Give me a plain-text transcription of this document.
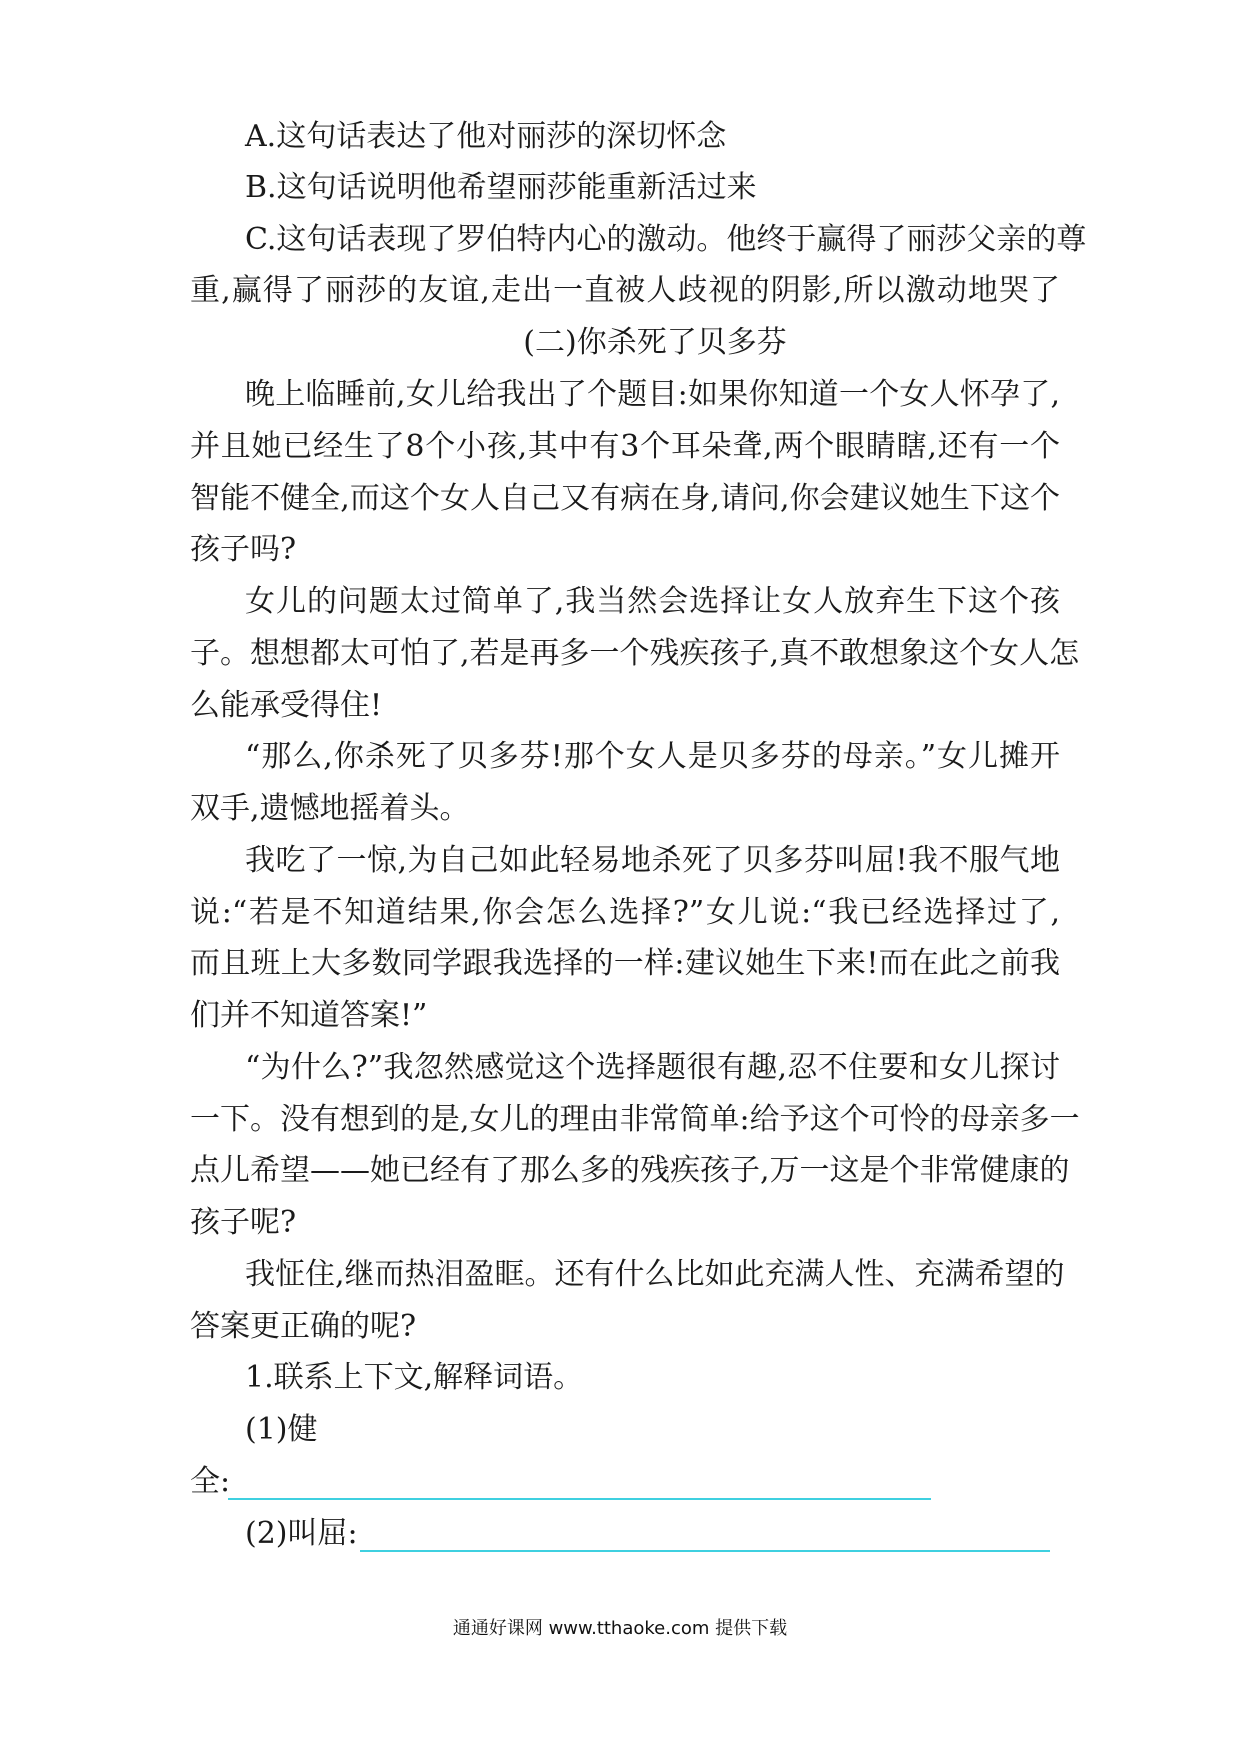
A.这句话表达了他对丽莎的深切怀念
B.这句话说明他希望丽莎能重新活过来
C.这句话表现了罗伯特内心的激动。他终于赢得了丽莎父亲的尊
重,赢得了丽莎的友谊,走出一直被人歧视的阴影,所以激动地哭了
(二)你杀死了贝多芬
晚上临睡前,女儿给我出了个题目:如果你知道一个女人怀孕了,
并且她已经生了8个小孩,其中有3个耳朵聋,两个眼睛瞎,还有一个
智能不健全,而这个女人自己又有病在身,请问,你会建议她生下这个
孩子吗?
女儿的问题太过简单了,我当然会选择让女人放弃生下这个孩
子。想想都太可怕了,若是再多一个残疾孩子,真不敢想象这个女人怎
么能承受得住!
“那么,你杀死了贝多芬!那个女人是贝多芬的母亲。”女儿摊开
双手,遗憾地摇着头。
我吃了一惊,为自己如此轻易地杀死了贝多芬叫屈!我不服气地
说:“若是不知道结果,你会怎么选择?”女儿说:“我已经选择过了,
而且班上大多数同学跟我选择的一样:建议她生下来!而在此之前我
们并不知道答案!”
“为什么?”我忽然感觉这个选择题很有趣,忍不住要和女儿探讨
一下。没有想到的是,女儿的理由非常简单:给予这个可怜的母亲多一
点儿希望——她已经有了那么多的残疾孩子,万一这是个非常健康的
孩子呢?
我怔住,继而热泪盈眶。还有什么比如此充满人性、充满希望的
答案更正确的呢?
1.联系上下文,解释词语。
(1)健
全:
(2)叫屈:
通通好课网 www.tthaoke.com 提供下载
